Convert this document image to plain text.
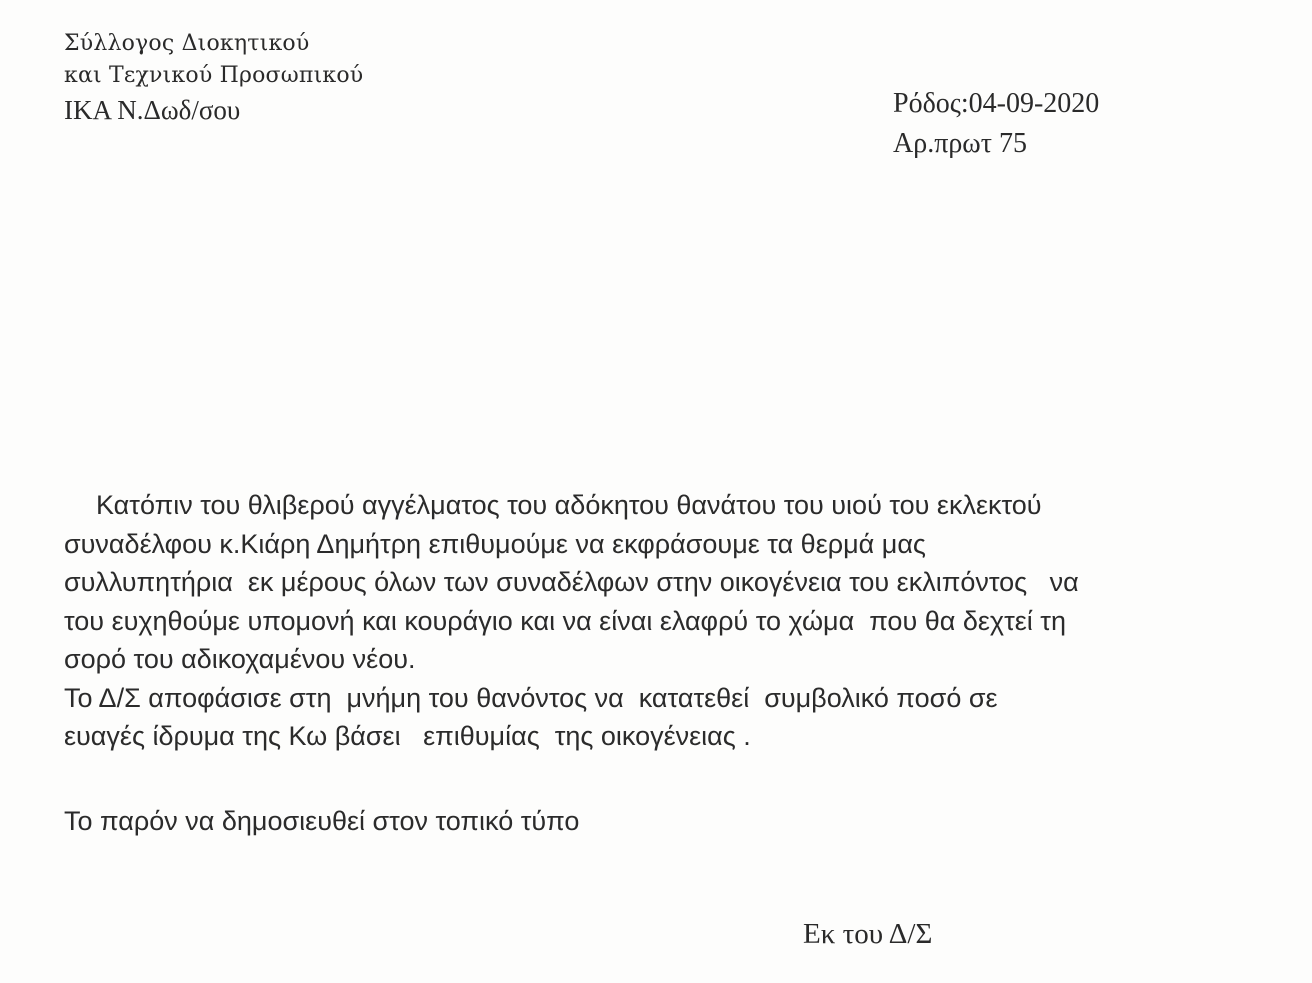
Σύλλογος Διοκητικού
και Τεχνικού Προσωπικού
ΙΚΑ Ν.Δωδ/σου	Ρόδος:04-09-2020
Αρ.πρωτ 75
Κατόπιν του θλιβερού αγγέλματος του αδόκητου θανάτου του υιού του εκλεκτού
συναδέλφου κ.Κιάρη Δημήτρη επιθυμούμε να εκφράσουμε τα θερμά μας
συλλυπητήρια  εκ μέρους όλων των συναδέλφων στην οικογένεια του εκλιπόντος   να
του ευχηθούμε υπομονή και κουράγιο και να είναι ελαφρύ το χώμα  που θα δεχτεί τη
σορό του αδικοχαμένου νέου.
Το Δ/Σ αποφάσισε στη  μνήμη του θανόντος να  κατατεθεί  συμβολικό ποσό σε
ευαγές ίδρυμα της Κω βάσει   επιθυμίας  της οικογένειας .
Το παρόν να δημοσιευθεί στον τοπικό τύπο
Εκ του Δ/Σ
